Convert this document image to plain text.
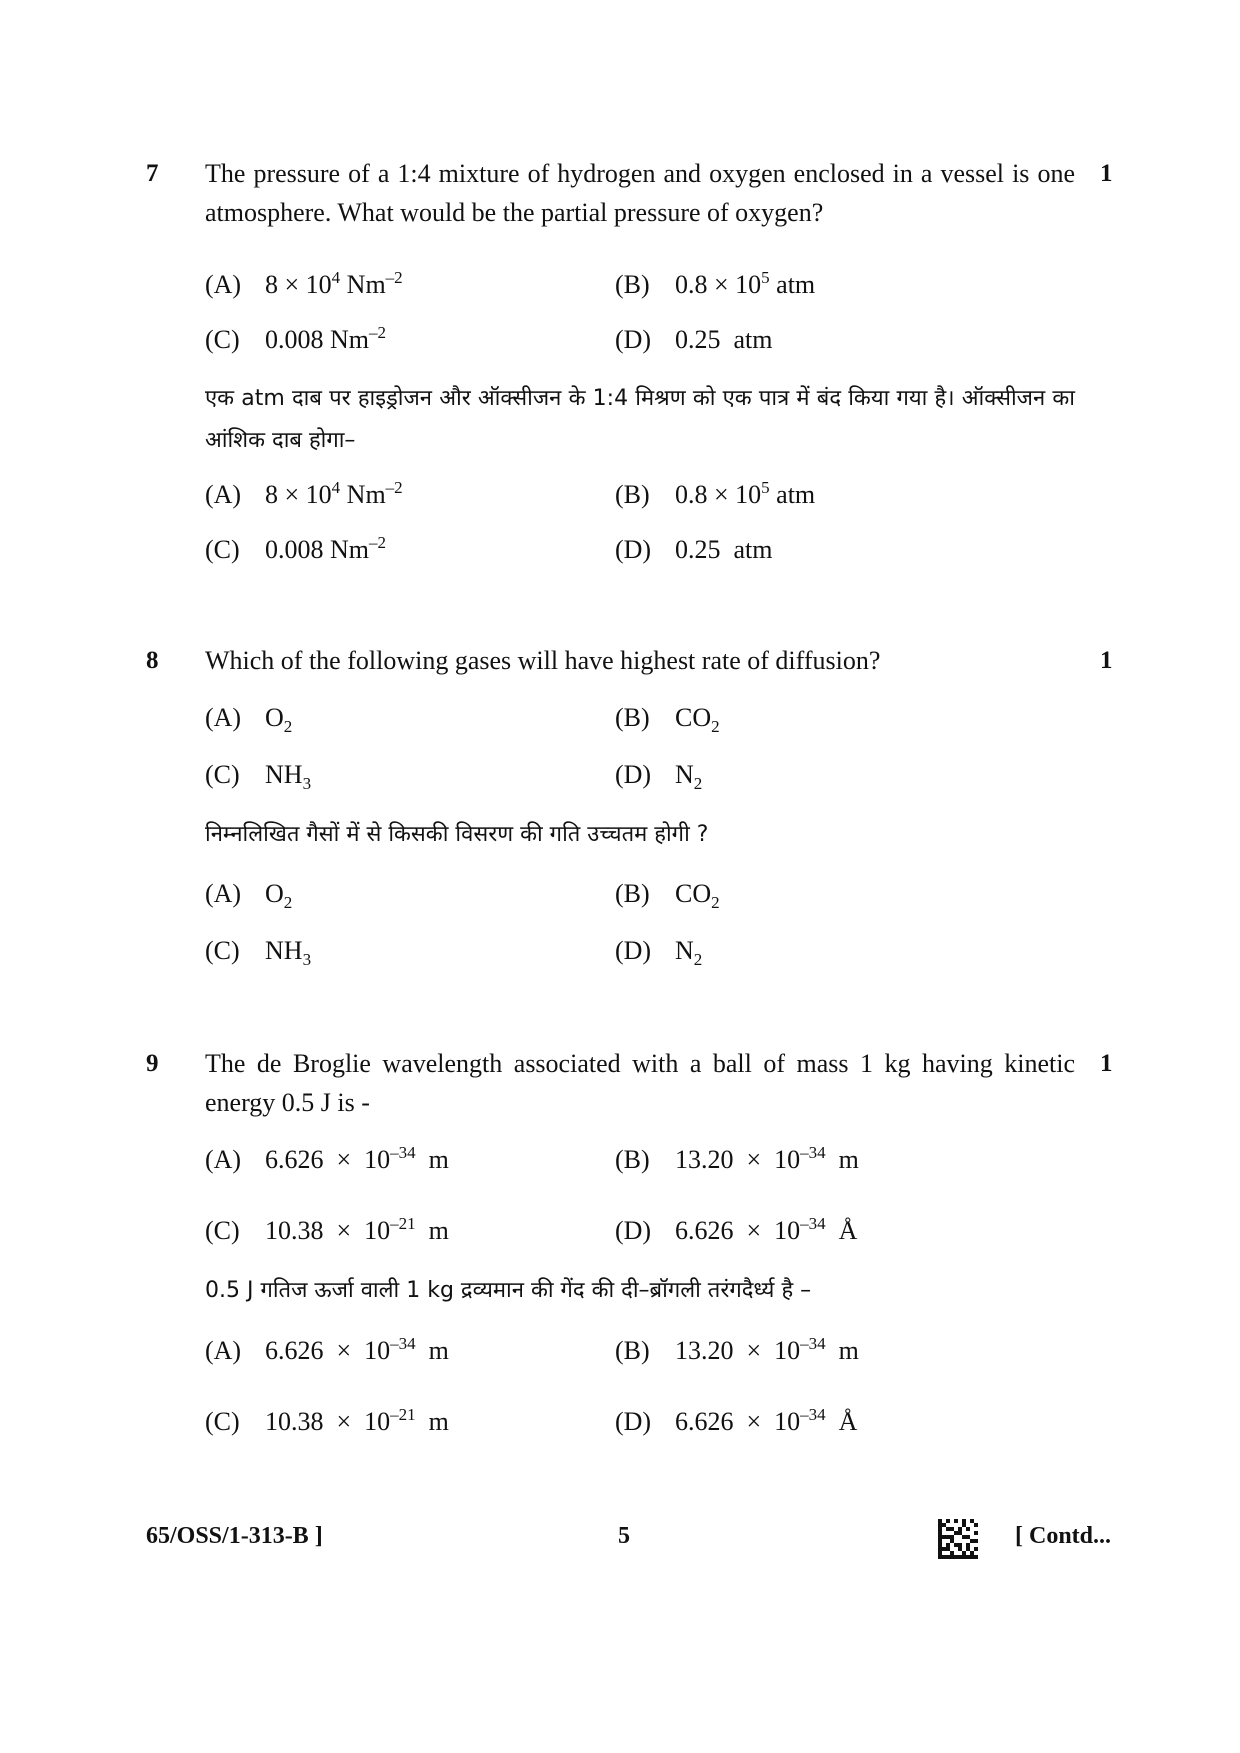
7	1
The pressure of a 1:4 mixture of hydrogen and oxygen enclosed in a vessel is one atmosphere. What would be the partial pressure of oxygen?
(A) $8 \times 10^4$ $Nm^{-2}$	(B) $0.8 \times 10^5$ atm
(C) 0.008 $Nm^{-2}$	(D) 0.25  atm
एक atm दाब पर हाइड्रोजन और ऑक्सीजन के 1:4 मिश्रण को एक पात्र में बंद किया गया है। ऑक्सीजन का आंशिक दाब होगा–
(A) $8 \times 10^4$ $Nm^{-2}$	(B) $0.8 \times 10^5$ atm
(C) 0.008 $Nm^{-2}$	(D) 0.25  atm
8	1
Which of the following gases will have highest rate of diffusion?
(A) $O_2$	(B) $CO_2$
(C) $NH_3$	(D) $N_2$
निम्नलिखित गैसों में से किसकी विसरण की गति उच्चतम होगी ?
(A) $O_2$	(B) $CO_2$
(C) $NH_3$	(D) $N_2$
9	1
The de Broglie wavelength associated with a ball of mass 1 kg having kinetic energy 0.5 J is -
(A) $6.626 \times 10^{-34}$  m	(B) $13.20 \times 10^{-34}$  m
(C) $10.38 \times 10^{-21}$  m	(D) $6.626 \times 10^{-34}$  Å
0.5 J गतिज ऊर्जा वाली 1 kg द्रव्यमान की गेंद की दी–ब्रॉगली तरंगदैर्ध्य है –
(A) $6.626 \times 10^{-34}$  m	(B) $13.20 \times 10^{-34}$  m
(C) $10.38 \times 10^{-21}$  m	(D) $6.626 \times 10^{-34}$  Å
65/OSS/1-313-B ]	5	[ Contd...
